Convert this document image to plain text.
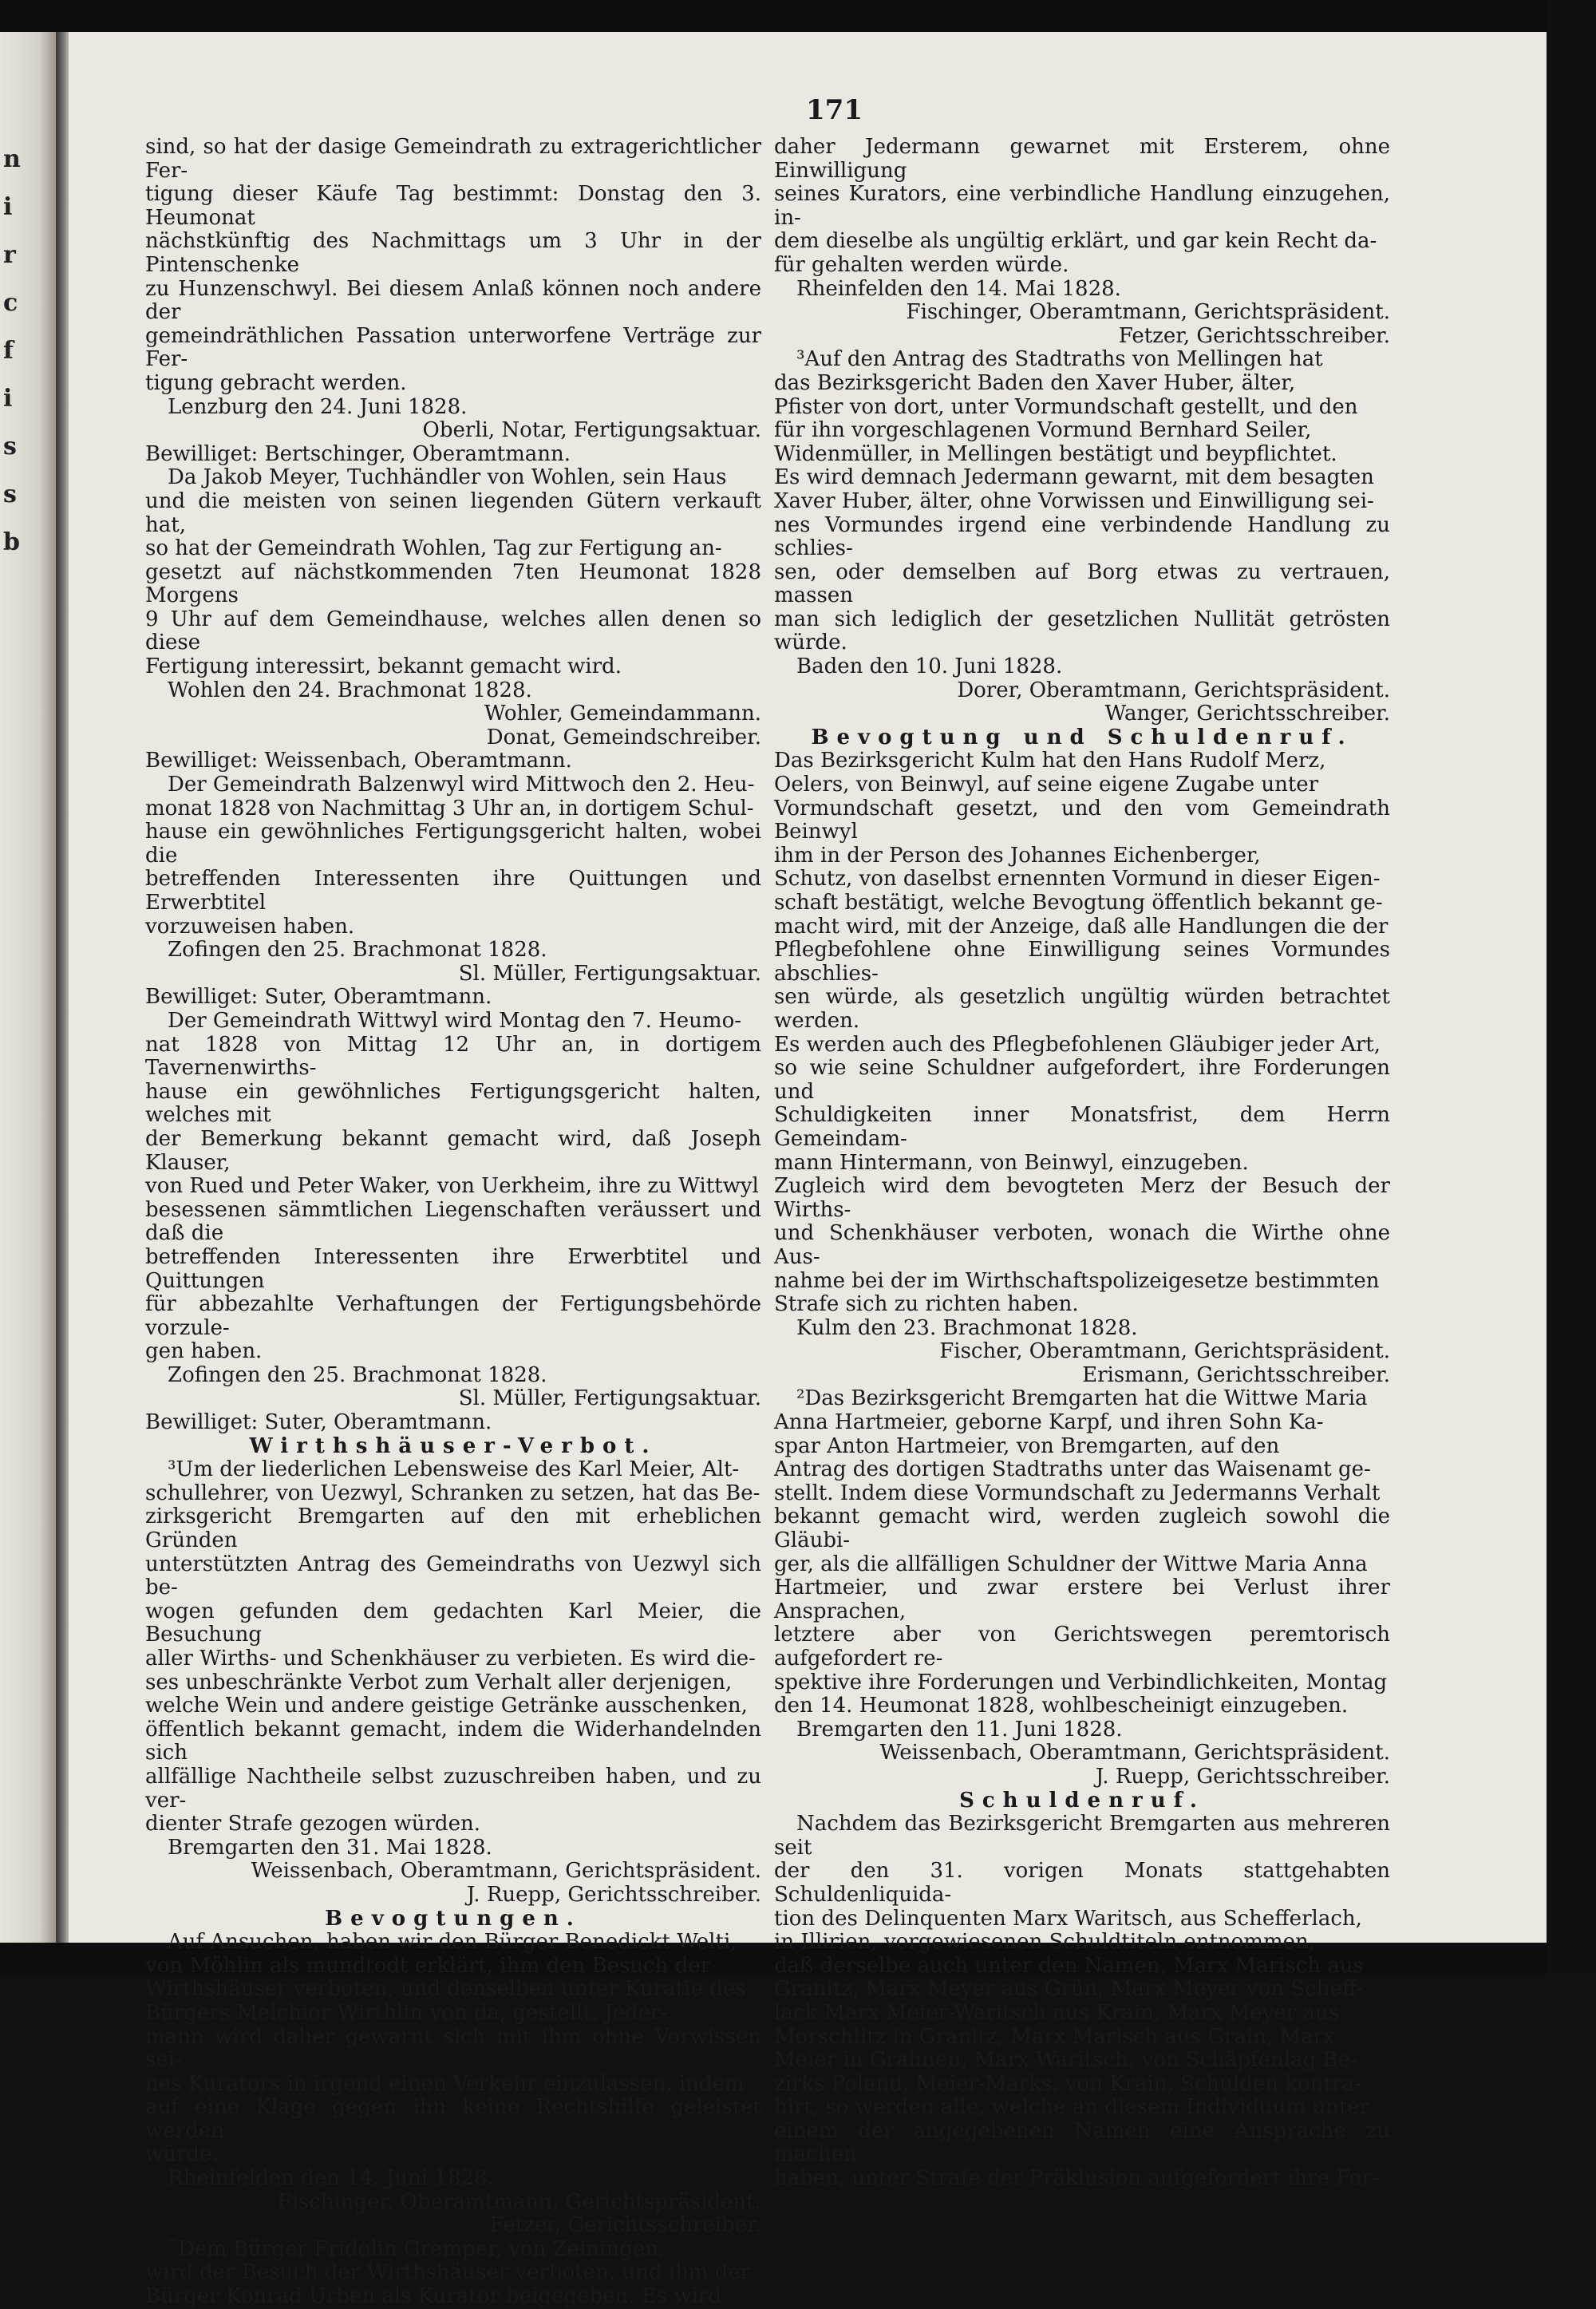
n
i
r
c
f
i
s
s
b
171

sind, so hat der dasige Gemeindrath zu extragerichtlicher Fer-
tigung dieser Käufe Tag bestimmt: Donstag den 3. Heumonat
nächstkünftig des Nachmittags um 3 Uhr in der Pintenschenke
zu Hunzenschwyl. Bei diesem Anlaß können noch andere der
gemeindräthlichen Passation unterworfene Verträge zur Fer-
tigung gebracht werden.

Lenzburg den 24. Juni 1828.

Oberli, Notar, Fertigungsaktuar.

Bewilliget: Bertschinger, Oberamtmann.

Da Jakob Meyer, Tuchhändler von Wohlen, sein Haus
und die meisten von seinen liegenden Gütern verkauft hat,
so hat der Gemeindrath Wohlen, Tag zur Fertigung an-
gesetzt auf nächstkommenden 7ten Heumonat 1828 Morgens
9 Uhr auf dem Gemeindhause, welches allen denen so diese
Fertigung interessirt, bekannt gemacht wird.

Wohlen den 24. Brachmonat 1828.

Wohler, Gemeindammann.

Donat, Gemeindschreiber.

Bewilliget: Weissenbach, Oberamtmann.

Der Gemeindrath Balzenwyl wird Mittwoch den 2. Heu-
monat 1828 von Nachmittag 3 Uhr an, in dortigem Schul-
hause ein gewöhnliches Fertigungsgericht halten, wobei die
betreffenden Interessenten ihre Quittungen und Erwerbtitel
vorzuweisen haben.

Zofingen den 25. Brachmonat 1828.

Sl. Müller, Fertigungsaktuar.

Bewilliget: Suter, Oberamtmann.

Der Gemeindrath Wittwyl wird Montag den 7. Heumo-
nat 1828 von Mittag 12 Uhr an, in dortigem Tavernenwirths-
hause ein gewöhnliches Fertigungsgericht halten, welches mit
der Bemerkung bekannt gemacht wird, daß Joseph Klauser,
von Rued und Peter Waker, von Uerkheim, ihre zu Wittwyl
besessenen sämmtlichen Liegenschaften veräussert und daß die
betreffenden Interessenten ihre Erwerbtitel und Quittungen
für abbezahlte Verhaftungen der Fertigungsbehörde vorzule-
gen haben.

Zofingen den 25. Brachmonat 1828.

Sl. Müller, Fertigungsaktuar.

Bewilliget: Suter, Oberamtmann.

Wirthshäuser-Verbot.

³Um der liederlichen Lebensweise des Karl Meier, Alt-
schullehrer, von Uezwyl, Schranken zu setzen, hat das Be-
zirksgericht Bremgarten auf den mit erheblichen Gründen
unterstützten Antrag des Gemeindraths von Uezwyl sich be-
wogen gefunden dem gedachten Karl Meier, die Besuchung
aller Wirths- und Schenkhäuser zu verbieten. Es wird die-
ses unbeschränkte Verbot zum Verhalt aller derjenigen,
welche Wein und andere geistige Getränke ausschenken,
öffentlich bekannt gemacht, indem die Widerhandelnden sich
allfällige Nachtheile selbst zuzuschreiben haben, und zu ver-
dienter Strafe gezogen würden.

Bremgarten den 31. Mai 1828.

Weissenbach, Oberamtmann, Gerichtspräsident.

J. Ruepp, Gerichtsschreiber.

Bevogtungen.

Auf Ansuchen, haben wir den Bürger Benedickt Welti,
von Möhlin als mundtodt erklärt, ihm den Besuch der
Wirthshäuser verboten, und denselben unter Kuratie des
Bürgers Melchior Wirthlin von da, gestellt. Jeder-
mann wird daher gewarnt sich mit ihm ohne Vorwissen sei-
nes Kurators in irgend einen Verkehr einzulassen, indem
auf eine Klage gegen ihn keine Rechtshilfe geleistet werden
würde.

Rheinfelden den 14. Juni 1828.

Fischinger, Oberamtmann, Gerichtspräsident.

Fetzer, Gerichtsschreiber.

¯Dem Bürger Fridolin Gremper, von Zeiningen,
wird der Besuch der Wirthshäuser verboten, und ihm der
Bürger Konrad Urben als Kurator beigegeben. Es wird

daher Jedermann gewarnet mit Ersterem, ohne Einwilligung
seines Kurators, eine verbindliche Handlung einzugehen, in-
dem dieselbe als ungültig erklärt, und gar kein Recht da-
für gehalten werden würde.

Rheinfelden den 14. Mai 1828.

Fischinger, Oberamtmann, Gerichtspräsident.

Fetzer, Gerichtsschreiber.

³Auf den Antrag des Stadtraths von Mellingen hat
das Bezirksgericht Baden den Xaver Huber, älter,
Pfister von dort, unter Vormundschaft gestellt, und den
für ihn vorgeschlagenen Vormund Bernhard Seiler,
Widenmüller, in Mellingen bestätigt und beypflichtet.
Es wird demnach Jedermann gewarnt, mit dem besagten
Xaver Huber, älter, ohne Vorwissen und Einwilligung sei-
nes Vormundes irgend eine verbindende Handlung zu schlies-
sen, oder demselben auf Borg etwas zu vertrauen, massen
man sich lediglich der gesetzlichen Nullität getrösten würde.

Baden den 10. Juni 1828.

Dorer, Oberamtmann, Gerichtspräsident.

Wanger, Gerichtsschreiber.

Bevogtung und Schuldenruf.

Das Bezirksgericht Kulm hat den Hans Rudolf Merz,
Oelers, von Beinwyl, auf seine eigene Zugabe unter
Vormundschaft gesetzt, und den vom Gemeindrath Beinwyl
ihm in der Person des Johannes Eichenberger,
Schutz, von daselbst ernennten Vormund in dieser Eigen-
schaft bestätigt, welche Bevogtung öffentlich bekannt ge-
macht wird, mit der Anzeige, daß alle Handlungen die der
Pflegbefohlene ohne Einwilligung seines Vormundes abschlies-
sen würde, als gesetzlich ungültig würden betrachtet werden.
Es werden auch des Pflegbefohlenen Gläubiger jeder Art,
so wie seine Schuldner aufgefordert, ihre Forderungen und
Schuldigkeiten inner Monatsfrist, dem Herrn Gemeindam-
mann Hintermann, von Beinwyl, einzugeben.
Zugleich wird dem bevogteten Merz der Besuch der Wirths-
und Schenkhäuser verboten, wonach die Wirthe ohne Aus-
nahme bei der im Wirthschaftspolizeigesetze bestimmten
Strafe sich zu richten haben.

Kulm den 23. Brachmonat 1828.

Fischer, Oberamtmann, Gerichtspräsident.

Erismann, Gerichtsschreiber.

²Das Bezirksgericht Bremgarten hat die Wittwe Maria
Anna Hartmeier, geborne Karpf, und ihren Sohn Ka-
spar Anton Hartmeier, von Bremgarten, auf den
Antrag des dortigen Stadtraths unter das Waisenamt ge-
stellt. Indem diese Vormundschaft zu Jedermanns Verhalt
bekannt gemacht wird, werden zugleich sowohl die Gläubi-
ger, als die allfälligen Schuldner der Wittwe Maria Anna
Hartmeier, und zwar erstere bei Verlust ihrer Ansprachen,
letztere aber von Gerichtswegen peremtorisch aufgefordert re-
spektive ihre Forderungen und Verbindlichkeiten, Montag
den 14. Heumonat 1828, wohlbescheinigt einzugeben.

Bremgarten den 11. Juni 1828.

Weissenbach, Oberamtmann, Gerichtspräsident.

J. Ruepp, Gerichtsschreiber.

Schuldenruf.

Nachdem das Bezirksgericht Bremgarten aus mehreren seit
der den 31. vorigen Monats stattgehabten Schuldenliquida-
tion des Delinquenten Marx Waritsch, aus Schefferlach,
in Illirien, vorgewiesenen Schuldtiteln entnommen,
daß derselbe auch unter den Namen, Marx Marisch aus
Granitz, Marx Meyer aus Grün, Marx Meyer von Scheff-
lack Marx Meier-Waritsch aus Krain, Marx Meyer aus
Morschlitz in Granitz, Marx Marisch aus Grain, Marx
Meier in Grahnen, Marx Waritsch, von Schäpfenlag Be-
zirks Poland, Meier-Marks, von Krain, Schulden kontra-
hirt, so werden alle, welche an diesem Individuum unter
einem der angegebenen Namen eine Ansprache zu machen
haben, unter Strafe der Präklusion aufgefordert ihre For-
